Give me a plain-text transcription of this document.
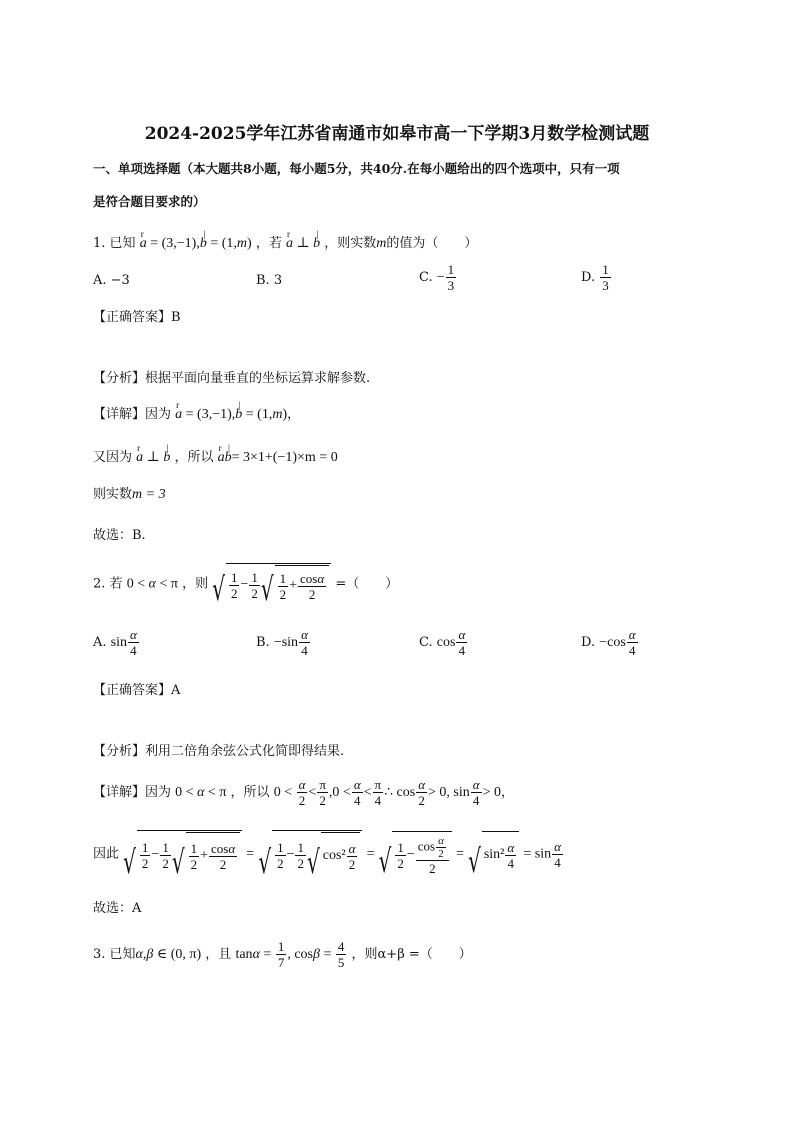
2024-2025学年江苏省南通市如皋市高一下学期3月数学检测试题
一、单项选择题（本大题共8小题，每小题5分，共40分.在每小题给出的四个选项中，只有一项
是符合题目要求的）
1. 已知 r a = (3,−1),│ b = (1,m) ，若 r a ⊥ │ b ，则实数m的值为（　　）
A. −3	B. 3	C. − $\frac{1}{3}$	D. $\frac{1}{3}$
【正确答案】B
【分析】根据平面向量垂直的坐标运算求解参数.
【详解】因为 r a = (3,−1),│ b = (1,m)，
又因为 r a ⊥ │ b ，所以 r a│ b= 3×1+(−1)×m = 0
则实数m = 3
故选：B.
2. 若 0 < α < π ，则 √ $\frac{1}{2} - \frac{1}{2}$ √ $\frac{1}{2} + \frac{\cos\alpha}{2}$ =（　　）
A. $\sin \frac{\alpha}{4}$	B. $-\sin \frac{\alpha}{4}$	C. $\cos \frac{\alpha}{4}$	D. $-\cos \frac{\alpha}{4}$
【正确答案】A
【分析】利用二倍角余弦公式化简即得结果.
【详解】因为 0 < α < π ，所以 $0 < \frac{\alpha}{2} < \frac{\pi}{2} ,0 < \frac{\alpha}{4} < \frac{\pi}{4}$ ∴ $\cos \frac{\alpha}{2} > 0$, $\sin \frac{\alpha}{4} > 0$，
因此 √ $\frac{1}{2} - \frac{1}{2}$ √ $\frac{1}{2} + \frac{\cos\alpha}{2}$ = √ $\frac{1}{2} - \frac{1}{2}$ √ $\cos^2 \frac{\alpha}{2}$ = √ $\frac{1}{2} - \frac{\cos \frac{\alpha}{2}}{2}$ = √ $\sin^2 \frac{\alpha}{4} = \sin \frac{\alpha}{4}$
故选：A
3. 已知α,β ∈ (0, π) ，且 $\tan\alpha = \frac{1}{7}$ , $\cos\beta = \frac{4}{5}$ ，则α+β =（　　）
